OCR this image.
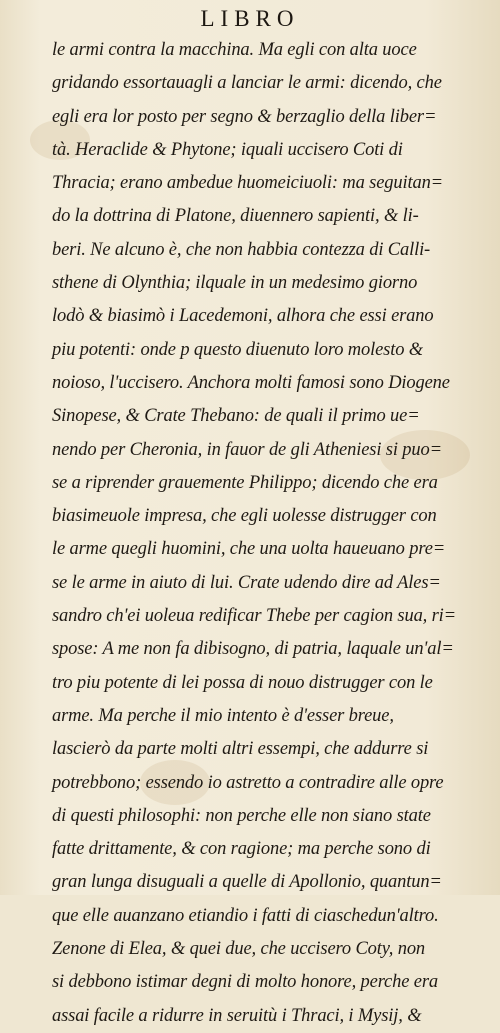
LIBRO
le armi contra la macchina. Ma egli con alta uoce
gridando essortauagli a lanciar le armi: dicendo, che
egli era lor posto per segno & berzaglio della liber=
tà. Heraclide & Phytone; iquali uccisero Coti di
Thracia; erano ambedue huomeiciuoli: ma seguitan=
do la dottrina di Platone, diuennero sapienti, & li-
beri. Ne alcuno è, che non habbia contezza di Calli-
sthene di Olynthia; ilquale in un medesimo giorno
lodò & biasimò i Lacedemoni, alhora che essi erano
piu potenti: onde p questo diuenuto loro molesto &
noioso, l'uccisero. Anchora molti famosi sono Diogene
Sinopese, & Crate Thebano: de quali il primo ue=
nendo per Cheronia, in fauor de gli Atheniesi si puo=
se a riprender grauemente Philippo; dicendo che era
biasimeuole impresa, che egli uolesse distrugger con
le arme quegli huomini, che una uolta haueuano pre=
se le arme in aiuto di lui. Crate udendo dire ad Ales=
sandro ch'ei uoleua redificar Thebe per cagion sua, ri=
spose: A me non fa dibisogno, di patria, laquale un'al=
tro piu potente di lei possa di nouo distrugger con le
arme. Ma perche il mio intento è d'esser breue,
lascierò da parte molti altri essempi, che addurre si
potrebbono; essendo io astretto a contradire alle opre
di questi philosophi: non perche elle non siano state
fatte drittamente, & con ragione; ma perche sono di
gran lunga disuguali a quelle di Apollonio, quantun=
que elle auanzano etiandio i fatti di ciaschedun'altro.
Zenone di Elea, & quei due, che uccisero Coty, non
si debbono istimar degni di molto honore, perche era
assai facile a ridurre in seruitù i Thraci, i Mysij, &
